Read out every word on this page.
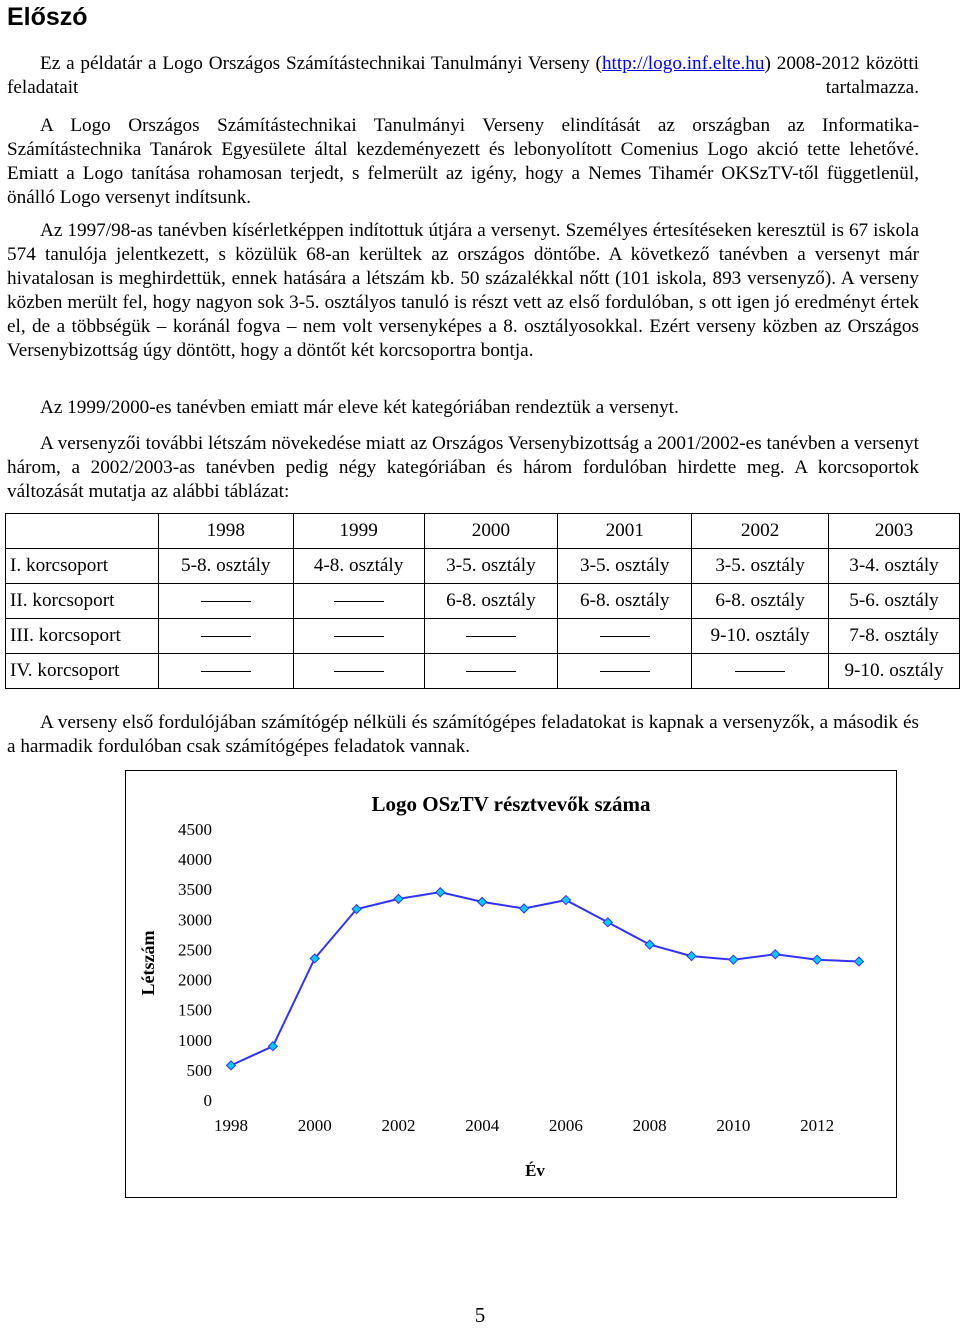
Előszó

Ez a példatár a Logo Országos Számítástechnikai Tanulmányi Verseny (http://logo.inf.elte.hu) 2008-2012 közötti feladatait tartalmazza.

A Logo Országos Számítástechnikai Tanulmányi Verseny elindítását az országban az Informatika-Számítástechnika Tanárok Egyesülete által kezdeményezett és lebonyolított Comenius Logo akció tette lehetővé. Emiatt a Logo tanítása rohamosan terjedt, s felmerült az igény, hogy a Nemes Tihamér OKSzTV-től függetlenül, önálló Logo versenyt indítsunk.

Az 1997/98-as tanévben kísérletképpen indítottuk útjára a versenyt. Személyes értesítéseken keresztül is 67 iskola 574 tanulója jelentkezett, s közülük 68-an kerültek az országos döntőbe. A következő tanévben a versenyt már hivatalosan is meghirdettük, ennek hatására a létszám kb. 50 százalékkal nőtt (101 iskola, 893 versenyző). A verseny közben merült fel, hogy nagyon sok 3-5. osztályos tanuló is részt vett az első fordulóban, s ott igen jó eredményt értek el, de a többségük – koránál fogva – nem volt versenyképes a 8. osztályosokkal. Ezért verseny közben az Országos Versenybizottság úgy döntött, hogy a döntőt két korcsoportra bontja.

Az 1999/2000-es tanévben emiatt már eleve két kategóriában rendeztük a versenyt.

A versenyzői további létszám növekedése miatt az Országos Versenybizottság a 2001/2002-es tanévben a versenyt három, a 2002/2003-as tanévben pedig négy kategóriában és három fordulóban hirdette meg. A korcsoportok változását mutatja az alábbi táblázat:

	1998	1999	2000	2001	2002	2003
I. korcsoport	5-8. osztály	4-8. osztály	3-5. osztály	3-5. osztály	3-5. osztály	3-4. osztály
II. korcsoport			6-8. osztály	6-8. osztály	6-8. osztály	5-6. osztály
III. korcsoport					9-10. osztály	7-8. osztály
IV. korcsoport						9-10. osztály

A verseny első fordulójában számítógép nélküli és számítógépes feladatokat is kapnak a versenyzők, a második és a harmadik fordulóban csak számítógépes feladatok vannak.

Logo OSzTV résztvevők száma
0
500
1000
1500
2000
2500
3000
3500
4000
4500
1998	2000	2002	2004	2006	2008	2010	2012
Év
Létszám
5
